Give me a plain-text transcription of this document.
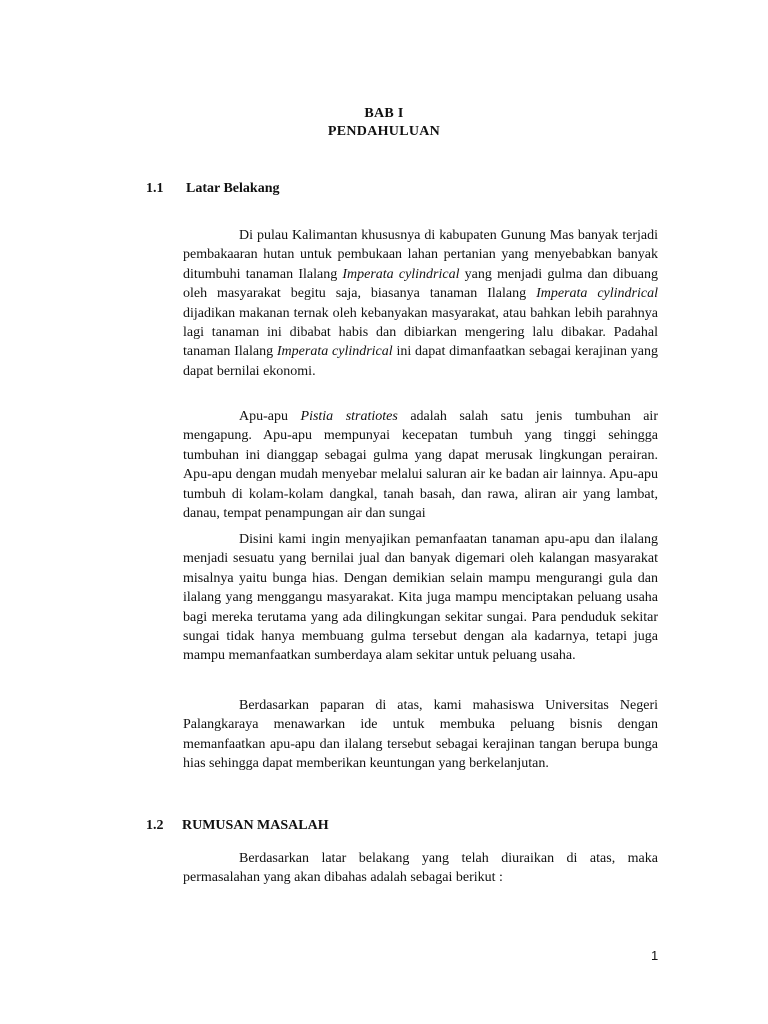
BAB I
PENDAHULUAN
1.1 Latar Belakang
Di pulau Kalimantan khususnya di kabupaten Gunung Mas banyak terjadi pembakaaran hutan untuk pembukaan lahan pertanian yang menyebabkan banyak ditumbuhi tanaman Ilalang Imperata cylindrical yang menjadi gulma dan dibuang oleh masyarakat begitu saja, biasanya tanaman Ilalang Imperata cylindrical dijadikan makanan ternak oleh kebanyakan masyarakat, atau bahkan lebih parahnya lagi tanaman ini dibabat habis dan dibiarkan mengering lalu dibakar. Padahal tanaman Ilalang Imperata cylindrical ini dapat dimanfaatkan sebagai kerajinan yang dapat bernilai ekonomi.
Apu-apu Pistia stratiotes adalah salah satu jenis tumbuhan air mengapung. Apu-apu mempunyai kecepatan tumbuh yang tinggi sehingga tumbuhan ini dianggap sebagai gulma yang dapat merusak lingkungan perairan. Apu-apu dengan mudah menyebar melalui saluran air ke badan air lainnya. Apu-apu tumbuh di kolam-kolam dangkal, tanah basah, dan rawa, aliran air yang lambat, danau, tempat penampungan air dan sungai
Disini kami ingin menyajikan pemanfaatan tanaman apu-apu dan ilalang menjadi sesuatu yang bernilai jual dan banyak digemari oleh kalangan masyarakat misalnya yaitu bunga hias. Dengan demikian selain mampu mengurangi gula dan ilalang yang menggangu masyarakat. Kita juga mampu menciptakan peluang usaha bagi mereka terutama yang ada dilingkungan sekitar sungai. Para penduduk sekitar sungai tidak hanya membuang gulma tersebut dengan ala kadarnya, tetapi juga mampu memanfaatkan sumberdaya alam sekitar untuk peluang usaha.
Berdasarkan paparan di atas, kami mahasiswa Universitas Negeri Palangkaraya menawarkan ide untuk membuka peluang bisnis dengan memanfaatkan apu-apu dan ilalang tersebut sebagai kerajinan tangan berupa bunga hias sehingga dapat memberikan keuntungan yang berkelanjutan.
1.2 RUMUSAN MASALAH
Berdasarkan latar belakang yang telah diuraikan di atas, maka permasalahan yang akan dibahas adalah sebagai berikut :
1
